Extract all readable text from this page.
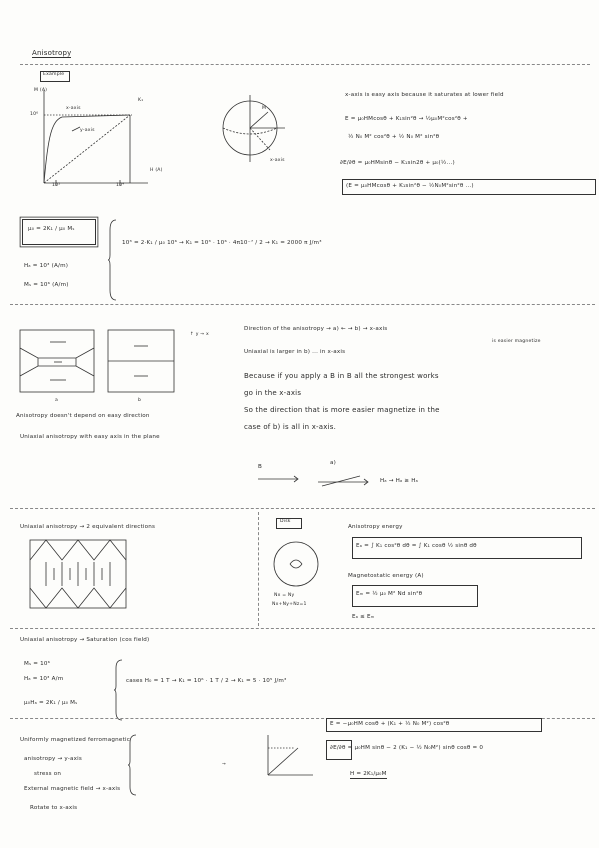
Anisotropy
Example
M (A)
10⁶
x-axis
y-axis
K₁
H (A)
10³	10⁴
M
x-axis
x-axis is easy axis because it saturates at lower field
E = μ₀HMcosθ + K₁sin²θ → ½μ₀M²cos²θ +
½ N₀ M² cos²θ + ½ N₀ M² sin²θ
∂E/∂θ = μ₀HMsinθ − K₁sin2θ + μ₀(½...)
(E = μ₀HMcosθ + K₁sin²θ − ½N₀M²sin²θ ...)
μ₀ = 2K₁ / μ₀ Mₛ
Hₐ = 10³ (A/m)
Mₛ = 10⁶ (A/m)
10³ = 2·K₁ / μ₀ 10⁶ → K₁ = 10³ · 10⁶ · 4π10⁻⁷ / 2 → K₁ = 2000 π J/m³
a	b
↑ y → x
Anisotropy doesn't depend on easy direction
Uniaxial anisotropy with easy axis in the plane
Direction of the anisotropy → a) ← → b) → x-axis
is easier magnetize
Uniaxial is larger in b) ... in x-axis
Because if you apply a B in B all the strongest works
go in the x-axis
So the direction that is more easier magnetize in the
case of b) is all in x-axis.
B
a)
Hₐ → Hₐ ≥ Hₐ
Uniaxial anisotropy → 2 equivalent directions
Disk
Nx = Ny
Nx+Ny+Nz=1
Anisotropy energy
Eₐ = ∫ K₁ cos²θ dθ = ∫ K₁ cosθ ½ sinθ dθ
Magnetostatic energy (A)
Eₘ = ½ μ₀ M² Nd sin²θ
Eₐ ≤ Eₘ
Uniaxial anisotropy → Saturation (cos field)
Mₛ = 10⁶
Hₐ = 10³ A/m
μ₀Hₐ = 2K₁ / μ₀ Mₛ
cases H₀ = 1 T → K₁ = 10⁶ · 1 T / 2 → K₁ = 5 · 10⁵ J/m³
Uniformly magnetized ferromagnetic
anisotropy → y-axis
stress on
External magnetic field → x-axis
Rotate to x-axis
→
E = −μ₀HM cosθ + (K₁ + ½ N₀ M²) cos²θ
∂E/∂θ = μ₀HM sinθ − 2 (K₁ − ½ N₀M²) sinθ cosθ = 0
H = 2K₁/μ₀M
